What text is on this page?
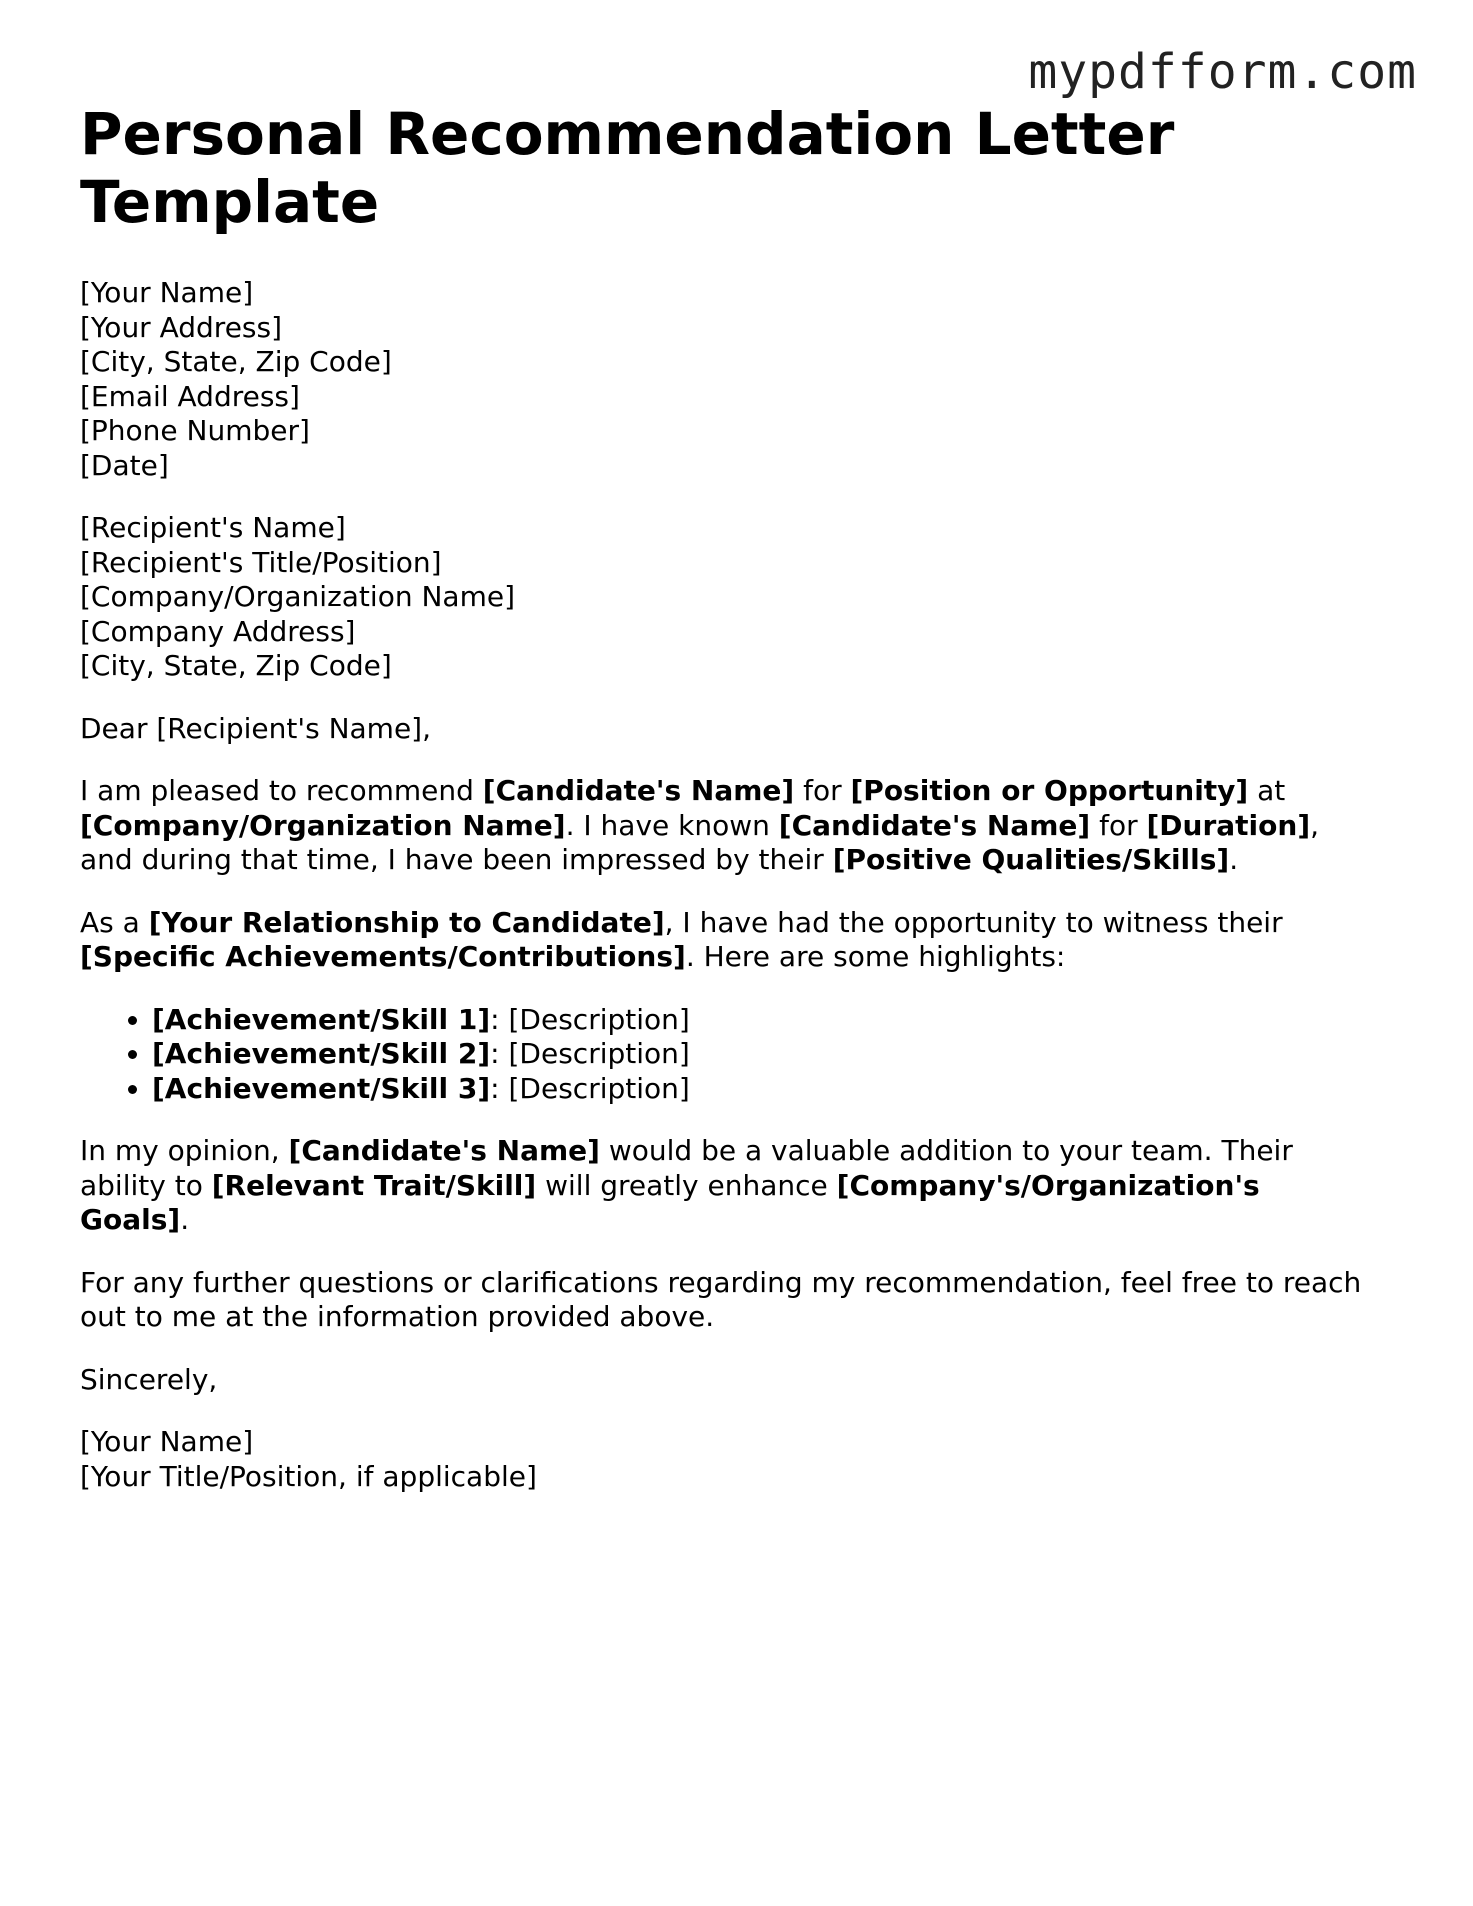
mypdfform.com
Personal Recommendation Letter Template
[Your Name]
[Your Address]
[City, State, Zip Code]
[Email Address]
[Phone Number]
[Date]
[Recipient's Name]
[Recipient's Title/Position]
[Company/Organization Name]
[Company Address]
[City, State, Zip Code]

Dear [Recipient's Name],

I am pleased to recommend [Candidate's Name] for [Position or Opportunity] at [Company/Organization Name]. I have known [Candidate's Name] for [Duration], and during that time, I have been impressed by their [Positive Qualities/Skills].

As a [Your Relationship to Candidate], I have had the opportunity to witness their [Specific Achievements/Contributions]. Here are some highlights:

• [Achievement/Skill 1]: [Description]
• [Achievement/Skill 2]: [Description]
• [Achievement/Skill 3]: [Description]

In my opinion, [Candidate's Name] would be a valuable addition to your team. Their ability to [Relevant Trait/Skill] will greatly enhance [Company's/Organization's Goals].

For any further questions or clarifications regarding my recommendation, feel free to reach out to me at the information provided above.

Sincerely,

[Your Name]
[Your Title/Position, if applicable]
